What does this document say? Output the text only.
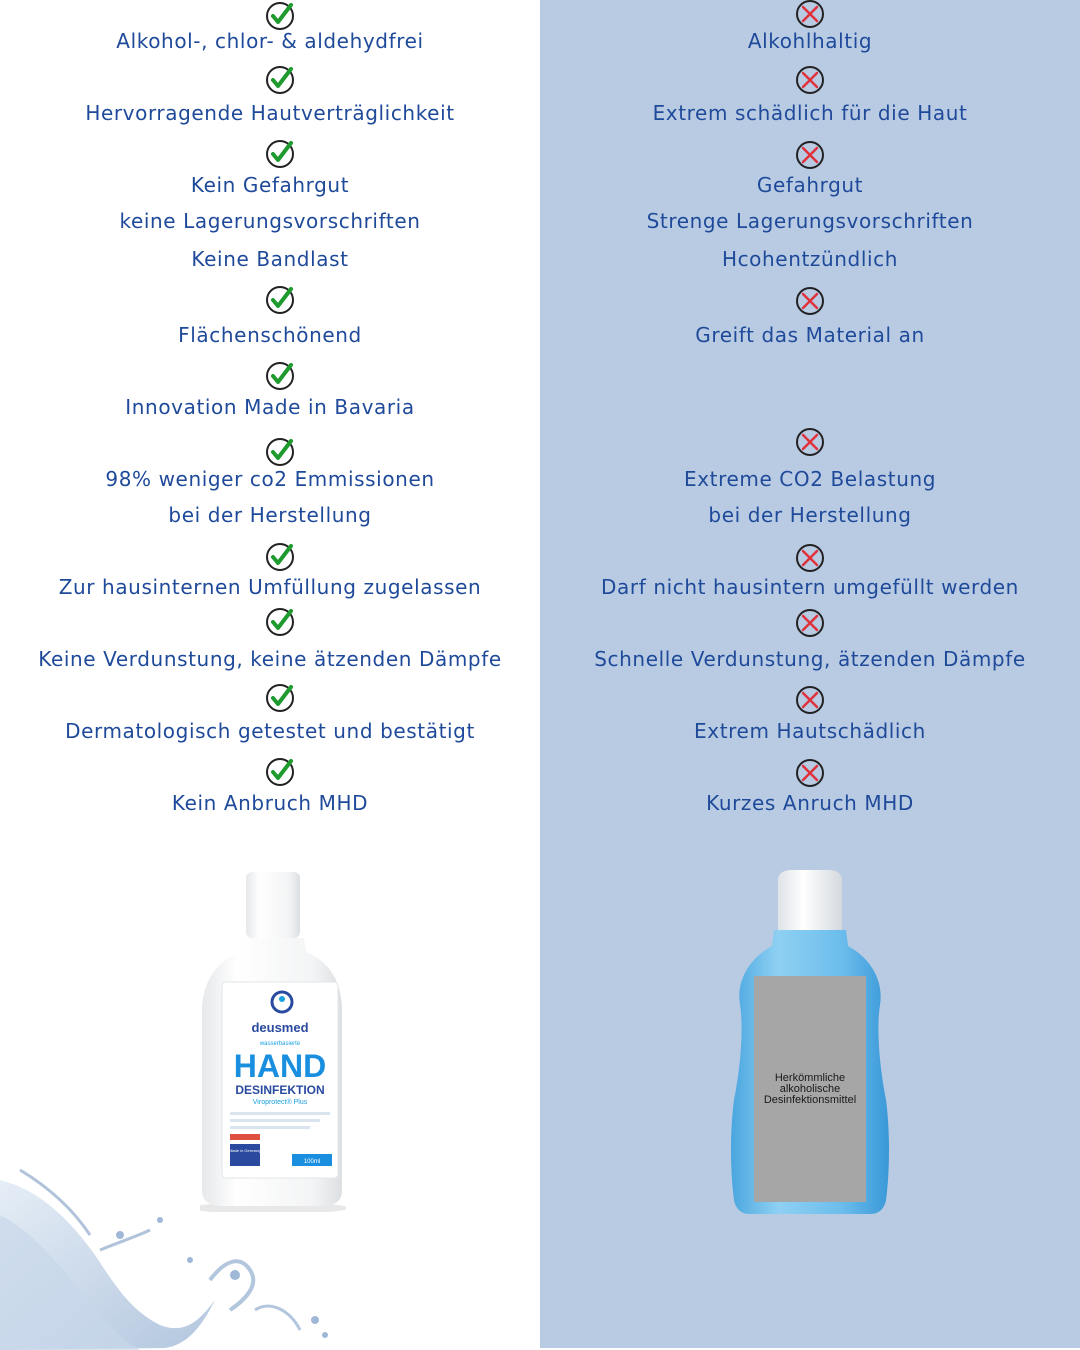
Alkohol-, chlor- & aldehydfrei
Hervorragende Hautverträglichkeit
Kein Gefahrgut
keine Lagerungsvorschriften
Keine Bandlast
Flächenschönend
Innovation Made in Bavaria
98% weniger co2 Emmissionen
bei der Herstellung
Zur hausinternen Umfüllung zugelassen
Keine Verdunstung, keine ätzenden Dämpfe
Dermatologisch getestet und bestätigt
Kein Anbruch MHD
deusmed
wasserbasierte
HAND
DESINFEKTION
Viroprotect® Plus
Made in Germany
100ml
Alkohlhaltig
Extrem schädlich für die Haut
Gefahrgut
Strenge Lagerungsvorschriften
Hcohentzündlich
Greift das Material an
Extreme CO2 Belastung
bei der Herstellung
Darf nicht hausintern umgefüllt werden
Schnelle Verdunstung, ätzenden Dämpfe
Extrem Hautschädlich
Kurzes Anruch MHD
Herkömmliche
alkoholische
Desinfektionsmittel
